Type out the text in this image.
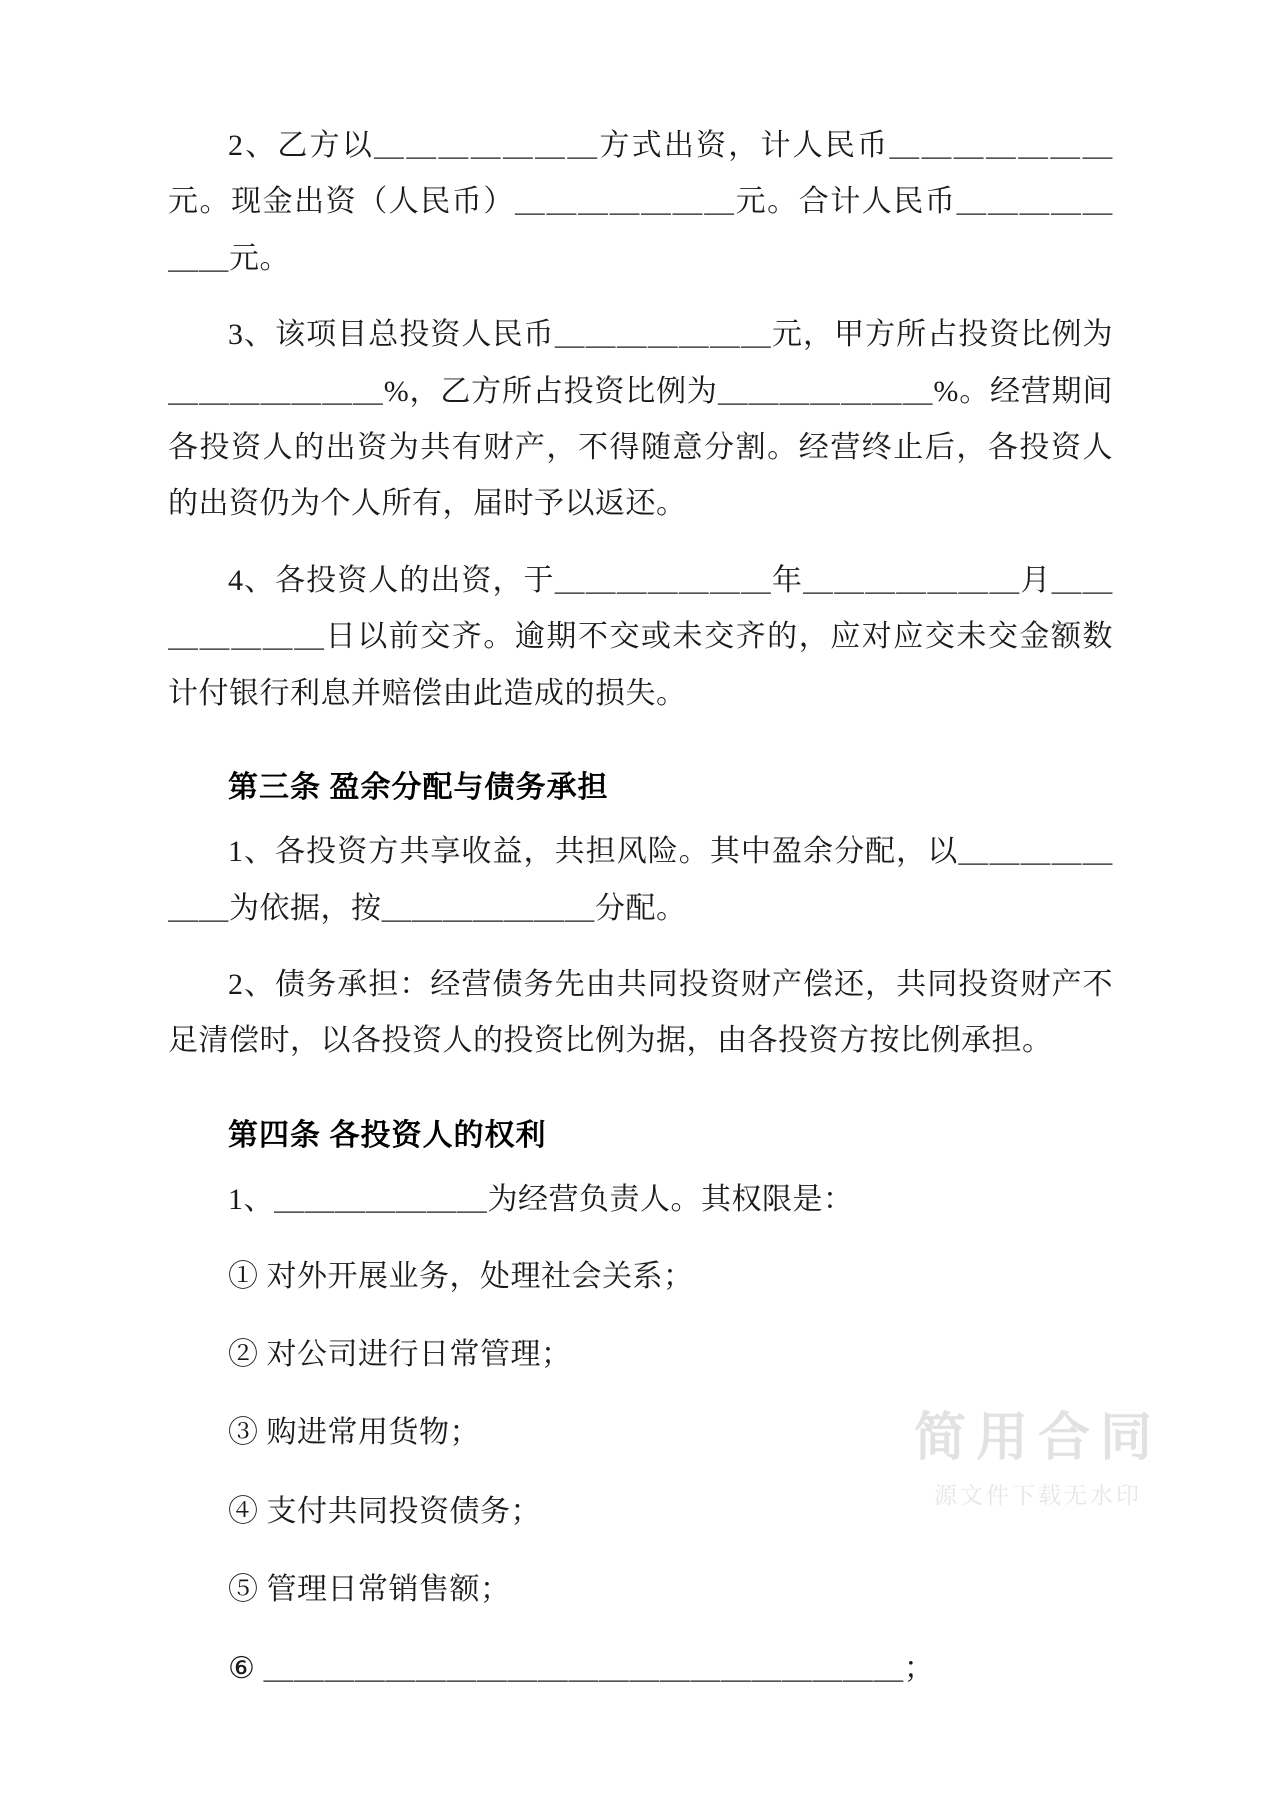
2、乙方以＿＿＿＿＿＿＿方式出资，计人民币＿＿＿＿＿＿＿元。现金出资（人民币）＿＿＿＿＿＿＿元。合计人民币＿＿＿＿＿＿＿元。

3、该项目总投资人民币＿＿＿＿＿＿＿元，甲方所占投资比例为＿＿＿＿＿＿＿%，乙方所占投资比例为＿＿＿＿＿＿＿%。经营期间各投资人的出资为共有财产，不得随意分割。经营终止后，各投资人的出资仍为个人所有，届时予以返还。

4、各投资人的出资，于＿＿＿＿＿＿＿年＿＿＿＿＿＿＿月＿＿＿＿＿＿＿日以前交齐。逾期不交或未交齐的，应对应交未交金额数计付银行利息并赔偿由此造成的损失。

第三条 盈余分配与债务承担

1、各投资方共享收益，共担风险。其中盈余分配，以＿＿＿＿＿＿＿为依据，按＿＿＿＿＿＿＿分配。

2、债务承担：经营债务先由共同投资财产偿还，共同投资财产不足清偿时，以各投资人的投资比例为据，由各投资方按比例承担。

第四条 各投资人的权利

1、＿＿＿＿＿＿＿为经营负责人。其权限是：

① 对外开展业务，处理社会关系；

② 对公司进行日常管理；

③ 购进常用货物；

④ 支付共同投资债务；

⑤ 管理日常销售额；

⑥ ＿＿＿＿＿＿＿＿＿＿＿＿＿＿＿＿＿＿＿＿＿；

简用合同
源文件下载无水印
